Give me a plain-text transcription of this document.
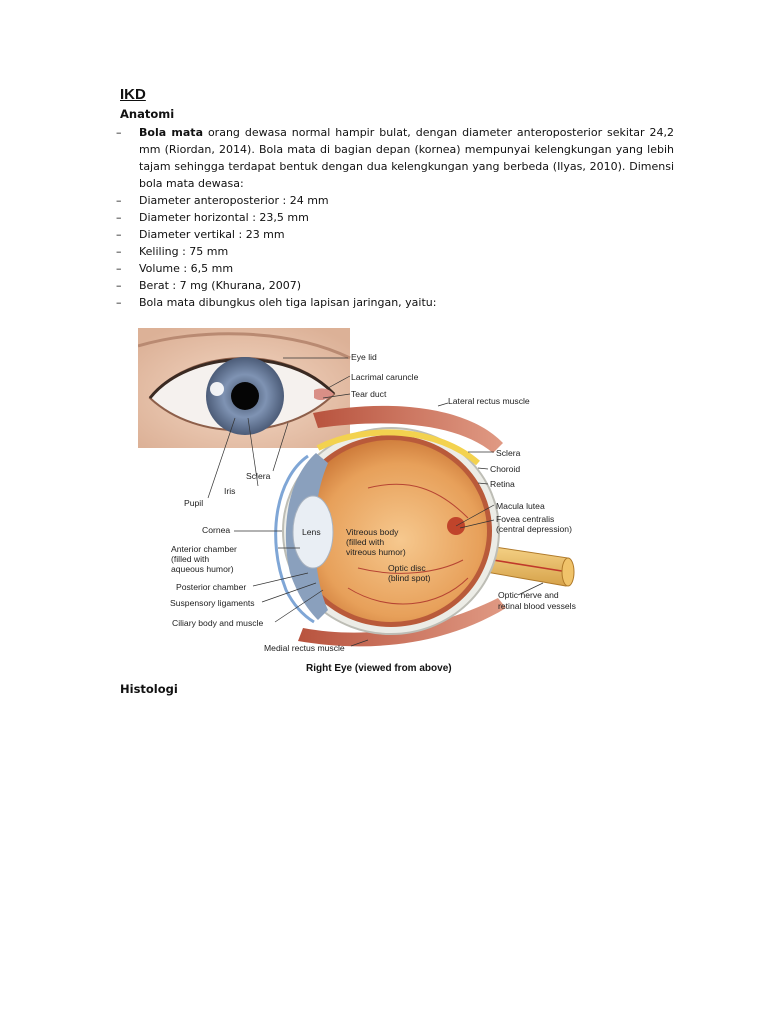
IKD
Anatomi
– Bola mata orang dewasa normal hampir bulat, dengan diameter anteroposterior sekitar 24,2 mm (Riordan, 2014). Bola mata di bagian depan (kornea) mempunyai kelengkungan yang lebih tajam sehingga terdapat bentuk dengan dua kelengkungan yang berbeda (Ilyas, 2010). Dimensi bola mata dewasa:
– Diameter anteroposterior : 24 mm
– Diameter horizontal : 23,5 mm
– Diameter vertikal : 23 mm
– Keliling : 75 mm
– Volume : 6,5 mm
– Berat : 7 mg (Khurana, 2007)
– Bola mata dibungkus oleh tiga lapisan jaringan, yaitu:
Eye lid
Lacrimal caruncle
Tear duct
Lateral rectus muscle
Sclera
Choroid
Retina
Macula lutea
Fovea centralis
(central depression)
Optic nerve and
retinal blood vessels
Sclera
Iris
Pupil
Cornea	Lens
Anterior chamber
(filled with
aqueous humor)
Posterior chamber
Suspensory ligaments
Ciliary body and muscle
Vitreous body
(filled with
vitreous humor)
Optic disc
(blind spot)
Medial rectus muscle
Right Eye (viewed from above)
Histologi
